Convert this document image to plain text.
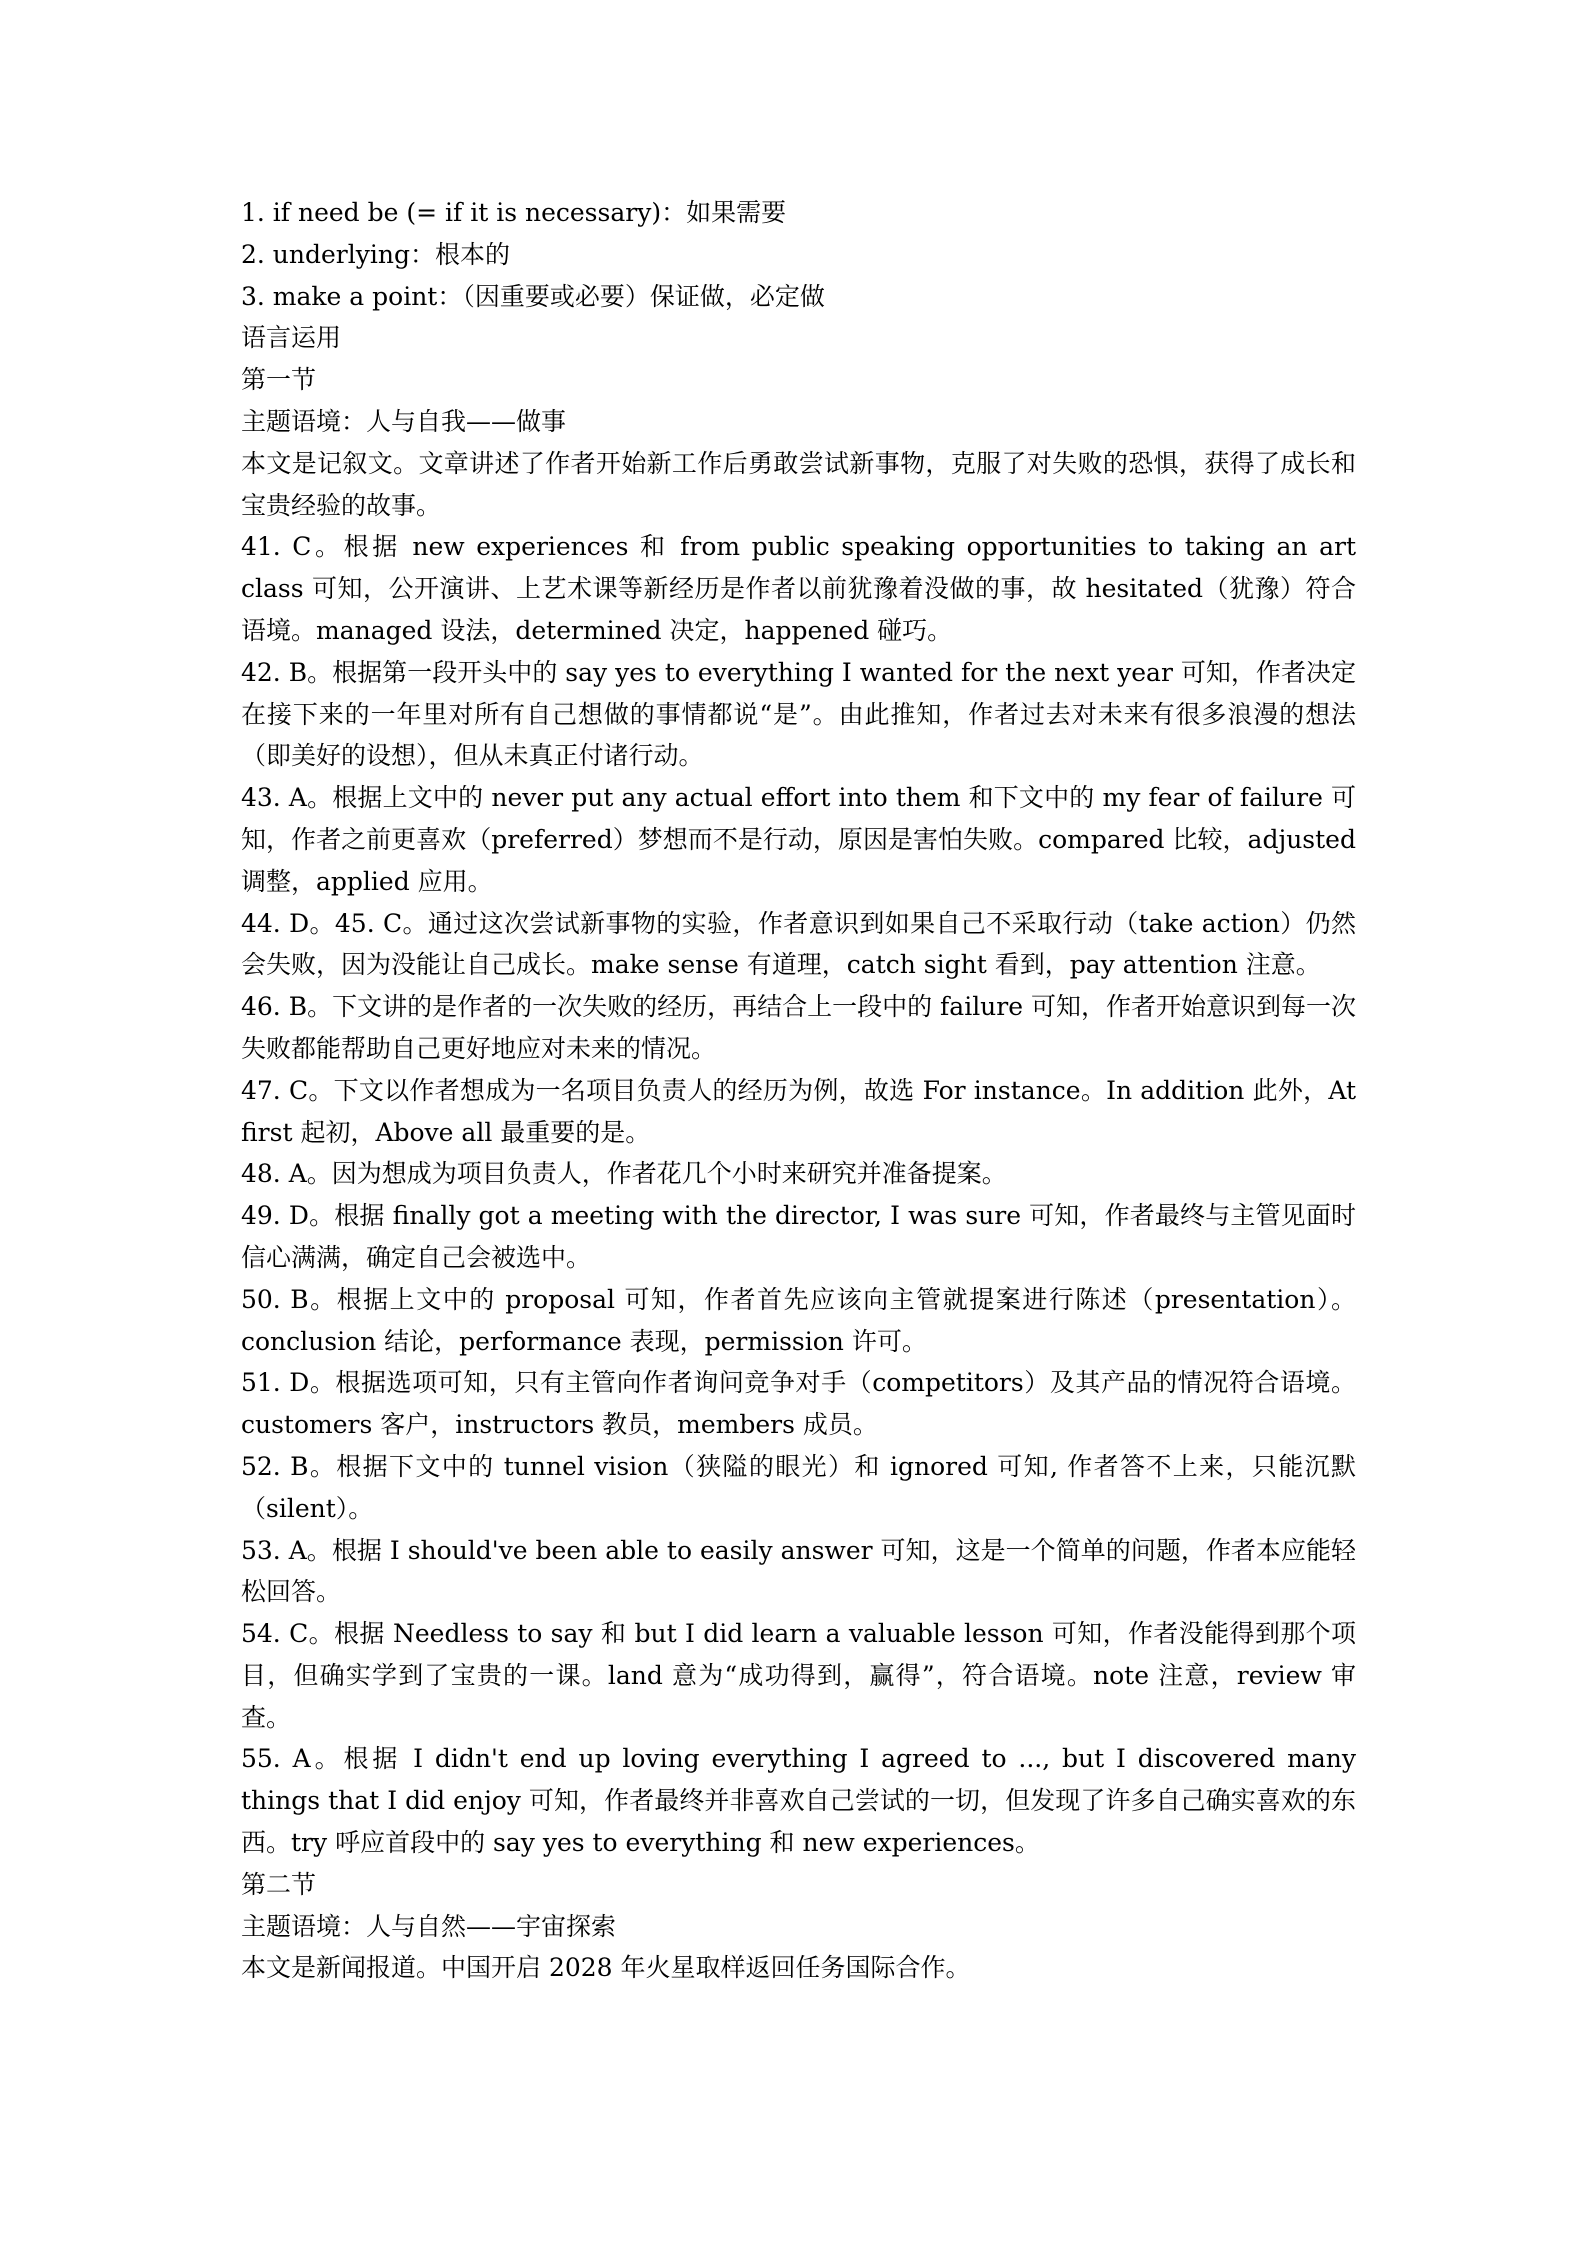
1. if need be (= if it is necessary)：如果需要
2. underlying：根本的
3. make a point：（因重要或必要）保证做，必定做
语言运用
第一节
主题语境：人与自我——做事
本文是记叙文。文章讲述了作者开始新工作后勇敢尝试新事物，克服了对失败的恐惧，获得了成长和宝贵经验的故事。
41. C。根据 new experiences 和 from public speaking opportunities to taking an art class 可知，公开演讲、上艺术课等新经历是作者以前犹豫着没做的事，故 hesitated（犹豫）符合语境。managed 设法，determined 决定，happened 碰巧。
42. B。根据第一段开头中的 say yes to everything I wanted for the next year 可知，作者决定在接下来的一年里对所有自己想做的事情都说“是”。由此推知，作者过去对未来有很多浪漫的想法（即美好的设想），但从未真正付诸行动。
43. A。根据上文中的 never put any actual effort into them 和下文中的 my fear of failure 可知，作者之前更喜欢（preferred）梦想而不是行动，原因是害怕失败。compared 比较，adjusted 调整，applied 应用。
44. D。45. C。通过这次尝试新事物的实验，作者意识到如果自己不采取行动（take action）仍然会失败，因为没能让自己成长。make sense 有道理，catch sight 看到，pay attention 注意。
46. B。下文讲的是作者的一次失败的经历，再结合上一段中的 failure 可知，作者开始意识到每一次失败都能帮助自己更好地应对未来的情况。
47. C。下文以作者想成为一名项目负责人的经历为例，故选 For instance。In addition 此外，At first 起初，Above all 最重要的是。
48. A。因为想成为项目负责人，作者花几个小时来研究并准备提案。
49. D。根据 finally got a meeting with the director, I was sure 可知，作者最终与主管见面时信心满满，确定自己会被选中。
50. B。根据上文中的 proposal 可知，作者首先应该向主管就提案进行陈述（presentation）。conclusion 结论，performance 表现，permission 许可。
51. D。根据选项可知，只有主管向作者询问竞争对手（competitors）及其产品的情况符合语境。customers 客户，instructors 教员，members 成员。
52. B。根据下文中的 tunnel vision（狭隘的眼光）和 ignored 可知, 作者答不上来，只能沉默（silent）。
53. A。根据 I should've been able to easily answer 可知，这是一个简单的问题，作者本应能轻松回答。
54. C。根据 Needless to say 和 but I did learn a valuable lesson 可知，作者没能得到那个项目，但确实学到了宝贵的一课。land 意为“成功得到，赢得”，符合语境。note 注意，review 审查。
55. A。根据 I didn't end up loving everything I agreed to ..., but I discovered many things that I did enjoy 可知，作者最终并非喜欢自己尝试的一切，但发现了许多自己确实喜欢的东西。try 呼应首段中的 say yes to everything 和 new experiences。
第二节
主题语境：人与自然——宇宙探索
本文是新闻报道。中国开启 2028 年火星取样返回任务国际合作。
